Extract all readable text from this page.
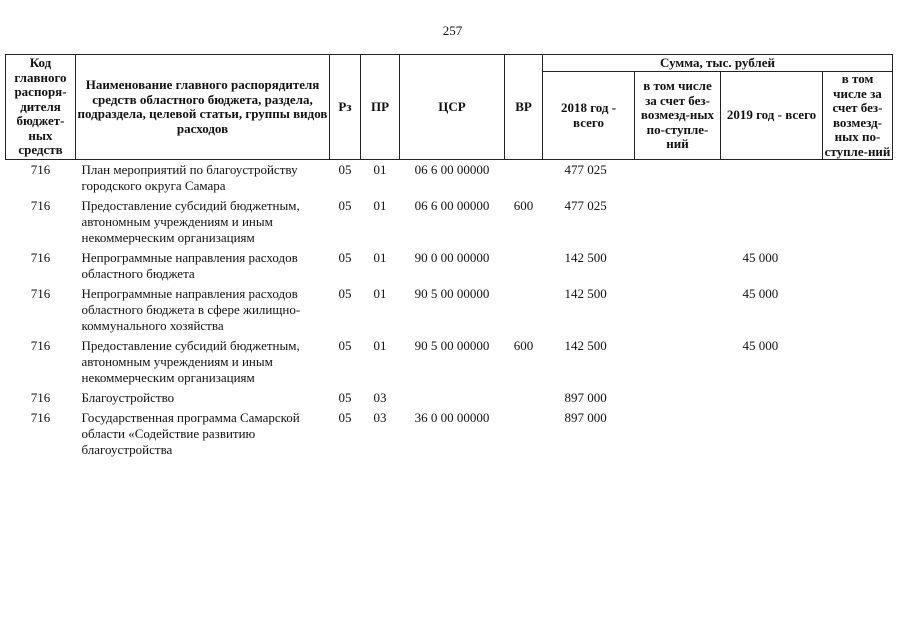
257
Код главного распоря-дителя бюджет-ных средств	Наименование главного распорядителя средств областного бюджета, раздела, подраздела, целевой статьи, группы видов расходов	Рз	ПР	ЦСР	ВР	Сумма, тыс. рублей			
						2018 год - всего	в том числе за счет без-возмезд-ных по-ступле-ний	2019 год - всего	в том числе за счет без-возмезд-ных по-ступле-ний
716	План мероприятий по благоустройству городского округа Самара	05	01	06 6 00 00000		477 025			
716	Предоставление субсидий бюджетным, автономным учреждениям и иным некоммерческим организациям	05	01	06 6 00 00000	600	477 025			
716	Непрограммные направления расходов областного бюджета	05	01	90 0 00 00000		142 500		45 000	
716	Непрограммные направления расходов областного бюджета в сфере жилищно-коммунального хозяйства	05	01	90 5 00 00000		142 500		45 000	
716	Предоставление субсидий бюджетным, автономным учреждениям и иным некоммерческим организациям	05	01	90 5 00 00000	600	142 500		45 000	
716	Благоустройство	05	03			897 000			
716	Государственная программа Самарской области «Содействие развитию благоустройства	05	03	36 0 00 00000		897 000			
